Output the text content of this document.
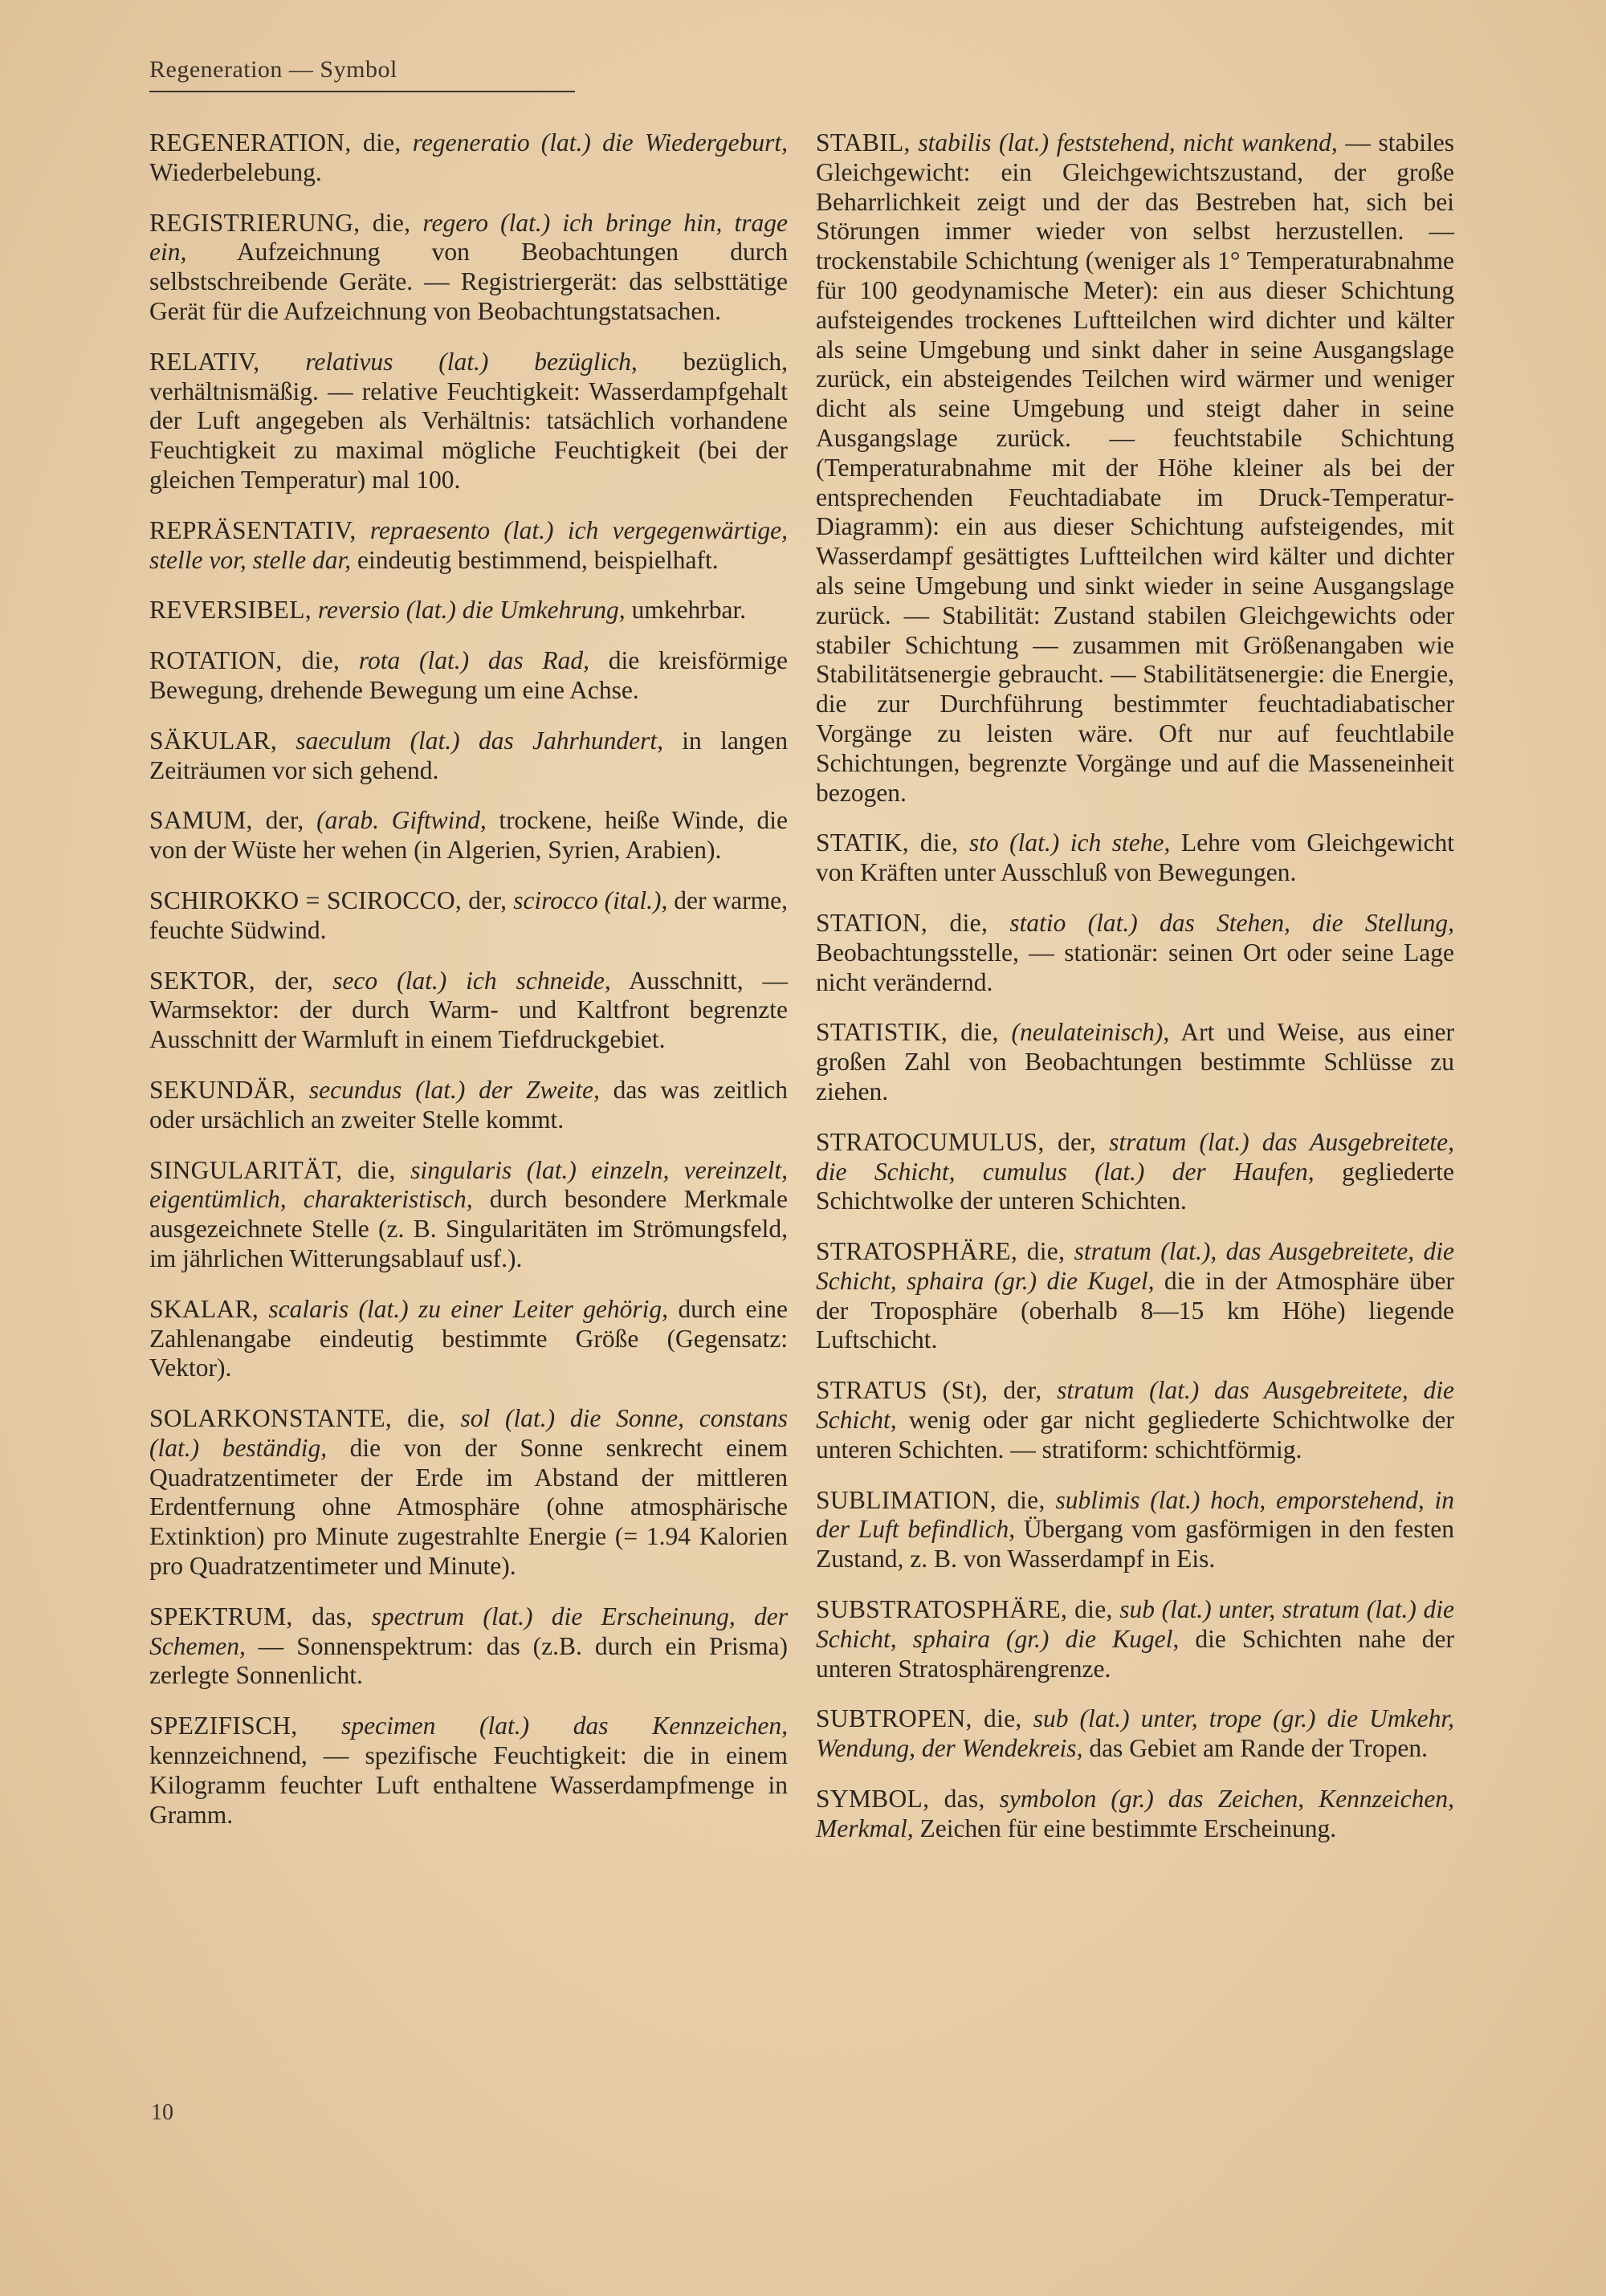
Regeneration — Symbol

REGENERATION, die, regeneratio (lat.) die Wiedergeburt, Wiederbelebung.

REGISTRIERUNG, die, regero (lat.) ich bringe hin, trage ein, Aufzeichnung von Beobachtungen durch selbstschreibende Geräte. — Registriergerät: das selbsttätige Gerät für die Aufzeichnung von Beobachtungstatsachen.

RELATIV, relativus (lat.) bezüglich, bezüglich, verhältnismäßig. — relative Feuchtigkeit: Wasserdampfgehalt der Luft angegeben als Verhältnis: tatsächlich vorhandene Feuchtigkeit zu maximal mögliche Feuchtigkeit (bei der gleichen Temperatur) mal 100.

REPRÄSENTATIV, repraesento (lat.) ich vergegenwärtige, stelle vor, stelle dar, eindeutig bestimmend, beispielhaft.

REVERSIBEL, reversio (lat.) die Umkehrung, umkehrbar.

ROTATION, die, rota (lat.) das Rad, die kreisförmige Bewegung, drehende Bewegung um eine Achse.

SÄKULAR, saeculum (lat.) das Jahrhundert, in langen Zeiträumen vor sich gehend.

SAMUM, der, (arab. Giftwind, trockene, heiße Winde, die von der Wüste her wehen (in Algerien, Syrien, Arabien).

SCHIROKKO = SCIROCCO, der, scirocco (ital.), der warme, feuchte Südwind.

SEKTOR, der, seco (lat.) ich schneide, Ausschnitt, — Warmsektor: der durch Warm- und Kaltfront begrenzte Ausschnitt der Warmluft in einem Tiefdruckgebiet.

SEKUNDÄR, secundus (lat.) der Zweite, das was zeitlich oder ursächlich an zweiter Stelle kommt.

SINGULARITÄT, die, singularis (lat.) einzeln, vereinzelt, eigentümlich, charakteristisch, durch besondere Merkmale ausgezeichnete Stelle (z. B. Singularitäten im Strömungsfeld, im jährlichen Witterungsablauf usf.).

SKALAR, scalaris (lat.) zu einer Leiter gehörig, durch eine Zahlenangabe eindeutig bestimmte Größe (Gegensatz: Vektor).

SOLARKONSTANTE, die, sol (lat.) die Sonne, constans (lat.) beständig, die von der Sonne senkrecht einem Quadratzentimeter der Erde im Abstand der mittleren Erdentfernung ohne Atmosphäre (ohne atmosphärische Extinktion) pro Minute zugestrahlte Energie (= 1.94 Kalorien pro Quadratzentimeter und Minute).

SPEKTRUM, das, spectrum (lat.) die Erscheinung, der Schemen, — Sonnenspektrum: das (z.B. durch ein Prisma) zerlegte Sonnenlicht.

SPEZIFISCH, specimen (lat.) das Kennzeichen, kennzeichnend, — spezifische Feuchtigkeit: die in einem Kilogramm feuchter Luft enthaltene Wasserdampfmenge in Gramm.

STABIL, stabilis (lat.) feststehend, nicht wankend, — stabiles Gleichgewicht: ein Gleichgewichtszustand, der große Beharrlichkeit zeigt und der das Bestreben hat, sich bei Störungen immer wieder von selbst herzustellen. — trockenstabile Schichtung (weniger als 1° Temperaturabnahme für 100 geodynamische Meter): ein aus dieser Schichtung aufsteigendes trockenes Luftteilchen wird dichter und kälter als seine Umgebung und sinkt daher in seine Ausgangslage zurück, ein absteigendes Teilchen wird wärmer und weniger dicht als seine Umgebung und steigt daher in seine Ausgangslage zurück. — feuchtstabile Schichtung (Temperaturabnahme mit der Höhe kleiner als bei der entsprechenden Feuchtadiabate im Druck-Temperatur-Diagramm): ein aus dieser Schichtung aufsteigendes, mit Wasserdampf gesättigtes Luftteilchen wird kälter und dichter als seine Umgebung und sinkt wieder in seine Ausgangslage zurück. — Stabilität: Zustand stabilen Gleichgewichts oder stabiler Schichtung — zusammen mit Größenangaben wie Stabilitätsenergie gebraucht. — Stabilitätsenergie: die Energie, die zur Durchführung bestimmter feuchtadiabatischer Vorgänge zu leisten wäre. Oft nur auf feuchtlabile Schichtungen, begrenzte Vorgänge und auf die Masseneinheit bezogen.

STATIK, die, sto (lat.) ich stehe, Lehre vom Gleichgewicht von Kräften unter Ausschluß von Bewegungen.

STATION, die, statio (lat.) das Stehen, die Stellung, Beobachtungsstelle, — stationär: seinen Ort oder seine Lage nicht verändernd.

STATISTIK, die, (neulateinisch), Art und Weise, aus einer großen Zahl von Beobachtungen bestimmte Schlüsse zu ziehen.

STRATOCUMULUS, der, stratum (lat.) das Ausgebreitete, die Schicht, cumulus (lat.) der Haufen, gegliederte Schichtwolke der unteren Schichten.

STRATOSPHÄRE, die, stratum (lat.), das Ausgebreitete, die Schicht, sphaira (gr.) die Kugel, die in der Atmosphäre über der Troposphäre (oberhalb 8—15 km Höhe) liegende Luftschicht.

STRATUS (St), der, stratum (lat.) das Ausgebreitete, die Schicht, wenig oder gar nicht gegliederte Schichtwolke der unteren Schichten. — stratiform: schichtförmig.

SUBLIMATION, die, sublimis (lat.) hoch, emporstehend, in der Luft befindlich, Übergang vom gasförmigen in den festen Zustand, z. B. von Wasserdampf in Eis.

SUBSTRATOSPHÄRE, die, sub (lat.) unter, stratum (lat.) die Schicht, sphaira (gr.) die Kugel, die Schichten nahe der unteren Stratosphärengrenze.

SUBTROPEN, die, sub (lat.) unter, trope (gr.) die Umkehr, Wendung, der Wendekreis, das Gebiet am Rande der Tropen.

SYMBOL, das, symbolon (gr.) das Zeichen, Kennzeichen, Merkmal, Zeichen für eine bestimmte Erscheinung.

10
